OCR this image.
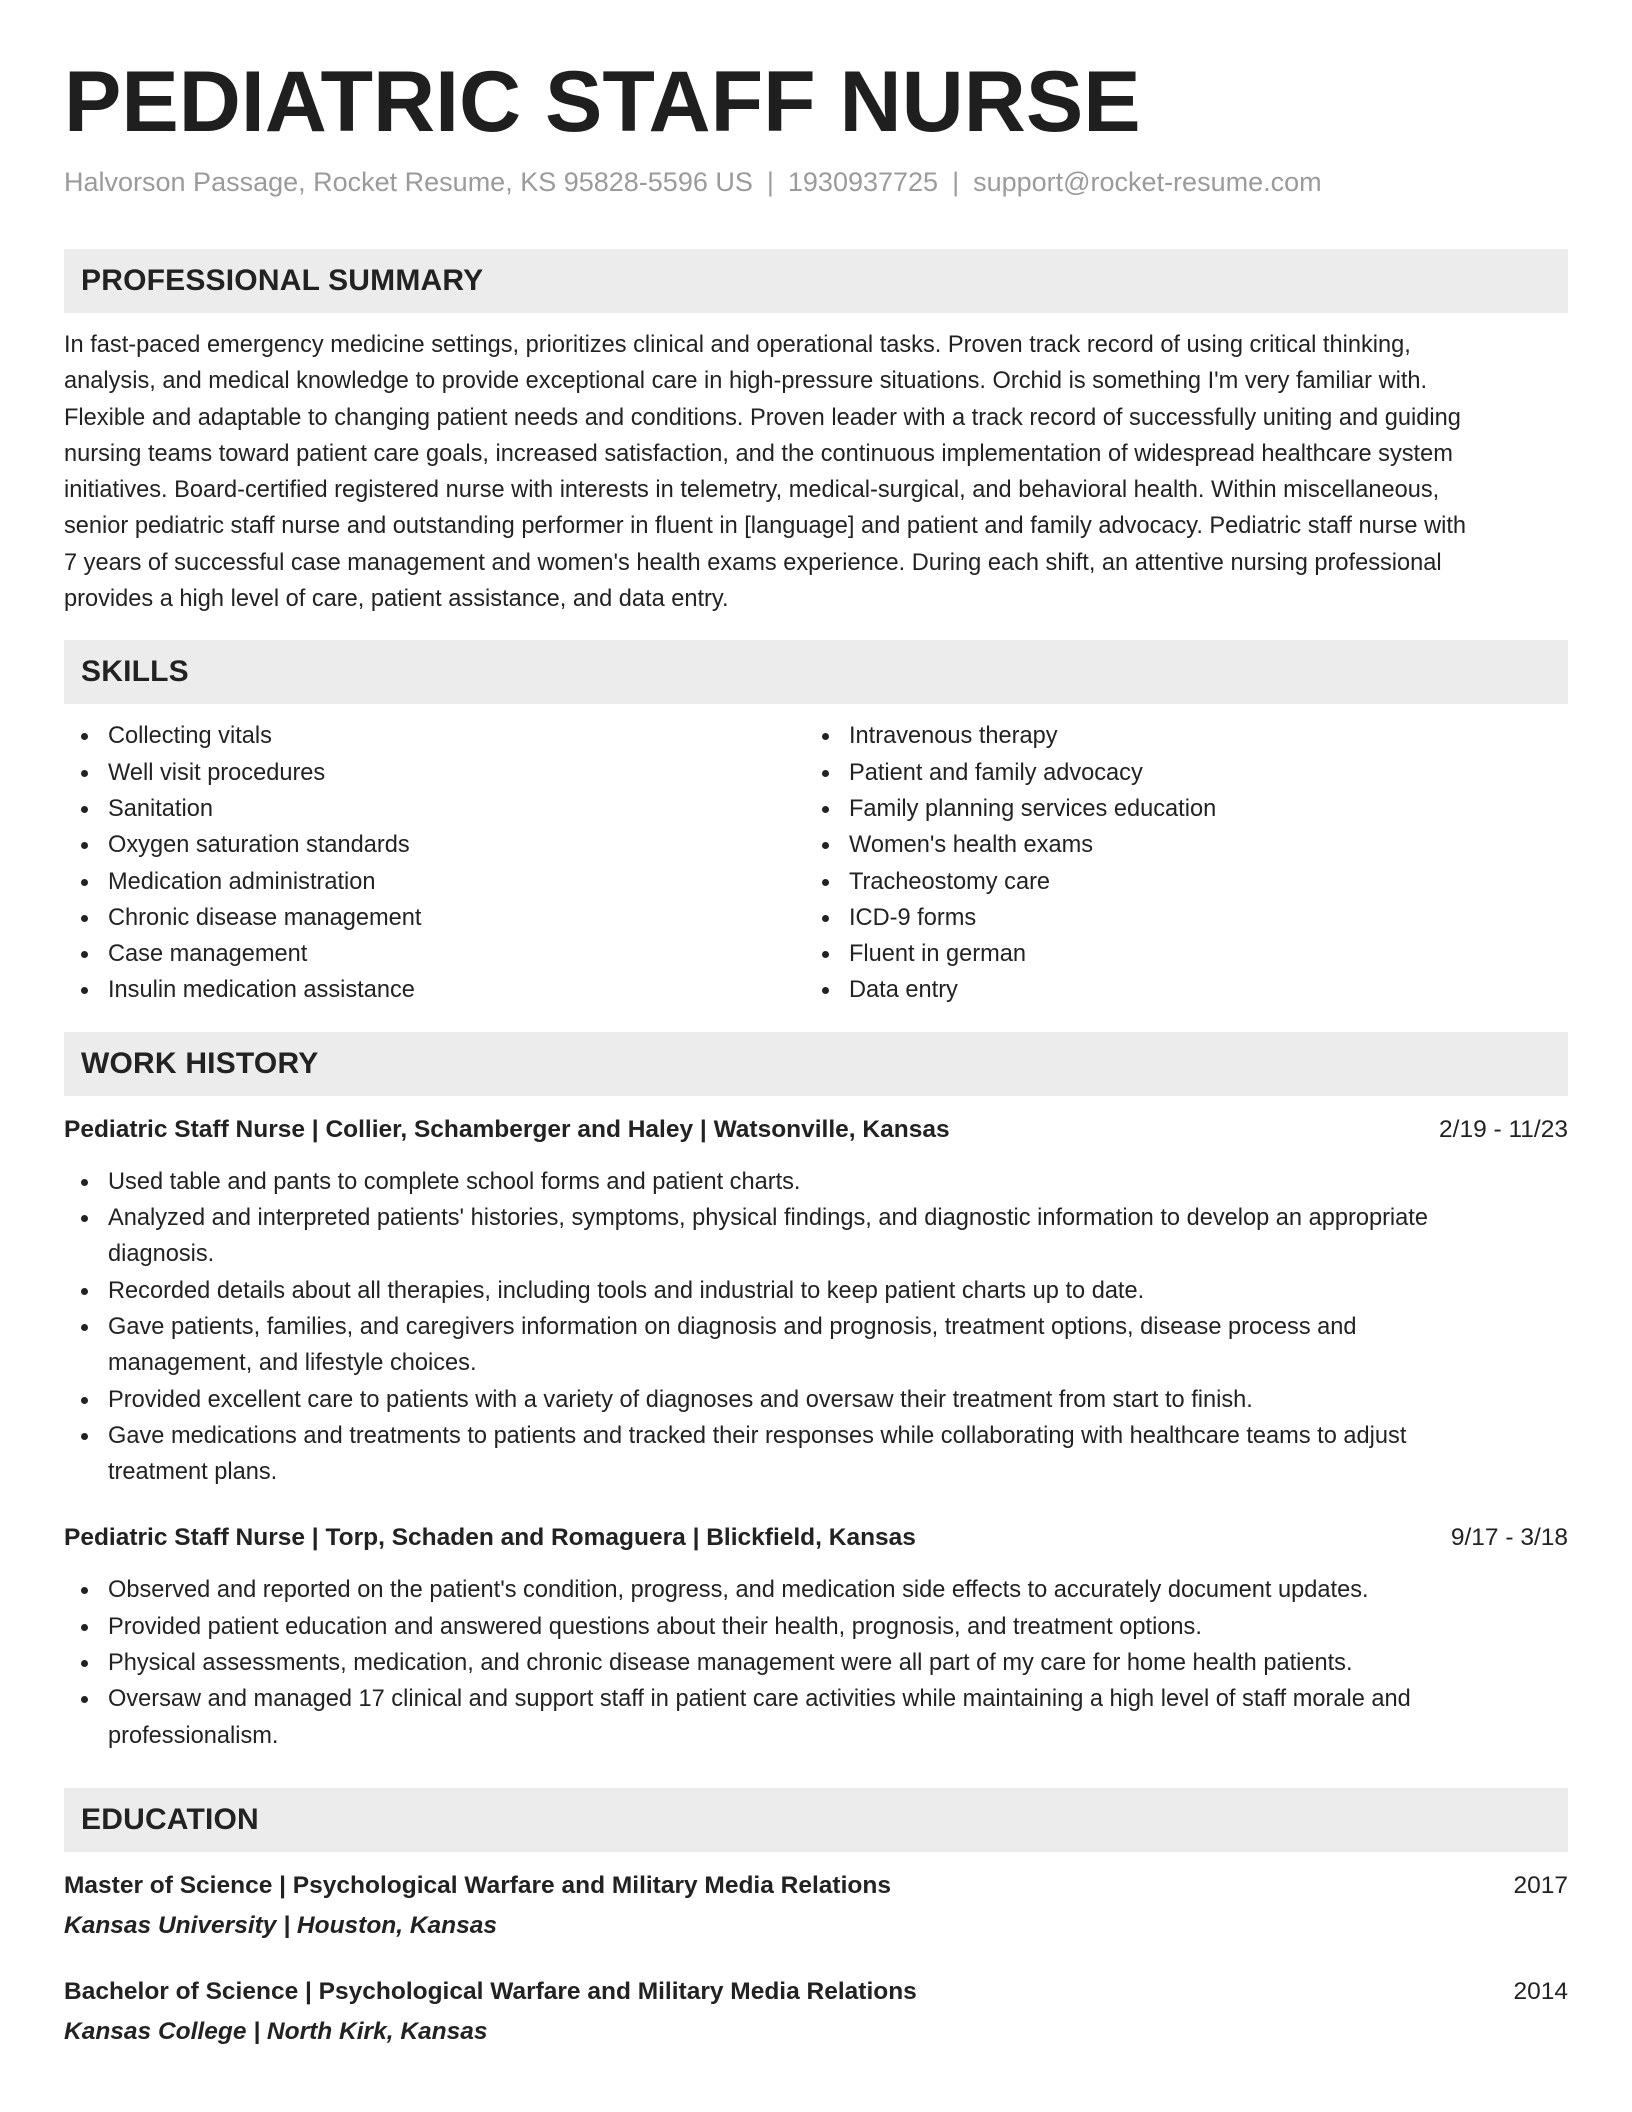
PEDIATRIC STAFF NURSE
Halvorson Passage, Rocket Resume, KS 95828-5596 US | 1930937725 | support@rocket-resume.com
PROFESSIONAL SUMMARY
In fast-paced emergency medicine settings, prioritizes clinical and operational tasks. Proven track record of using critical thinking,
analysis, and medical knowledge to provide exceptional care in high-pressure situations. Orchid is something I'm very familiar with.
Flexible and adaptable to changing patient needs and conditions. Proven leader with a track record of successfully uniting and guiding
nursing teams toward patient care goals, increased satisfaction, and the continuous implementation of widespread healthcare system
initiatives. Board-certified registered nurse with interests in telemetry, medical-surgical, and behavioral health. Within miscellaneous,
senior pediatric staff nurse and outstanding performer in fluent in [language] and patient and family advocacy. Pediatric staff nurse with
7 years of successful case management and women's health exams experience. During each shift, an attentive nursing professional
provides a high level of care, patient assistance, and data entry.
SKILLS
Collecting vitals
Well visit procedures
Sanitation
Oxygen saturation standards
Medication administration
Chronic disease management
Case management
Insulin medication assistance
Intravenous therapy
Patient and family advocacy
Family planning services education
Women's health exams
Tracheostomy care
ICD-9 forms
Fluent in german
Data entry
WORK HISTORY
Pediatric Staff Nurse | Collier, Schamberger and Haley | Watsonville, Kansas	2/19 - 11/23
Used table and pants to complete school forms and patient charts.
Analyzed and interpreted patients' histories, symptoms, physical findings, and diagnostic information to develop an appropriate
diagnosis.
Recorded details about all therapies, including tools and industrial to keep patient charts up to date.
Gave patients, families, and caregivers information on diagnosis and prognosis, treatment options, disease process and
management, and lifestyle choices.
Provided excellent care to patients with a variety of diagnoses and oversaw their treatment from start to finish.
Gave medications and treatments to patients and tracked their responses while collaborating with healthcare teams to adjust
treatment plans.
Pediatric Staff Nurse | Torp, Schaden and Romaguera | Blickfield, Kansas	9/17 - 3/18
Observed and reported on the patient's condition, progress, and medication side effects to accurately document updates.
Provided patient education and answered questions about their health, prognosis, and treatment options.
Physical assessments, medication, and chronic disease management were all part of my care for home health patients.
Oversaw and managed 17 clinical and support staff in patient care activities while maintaining a high level of staff morale and
professionalism.
EDUCATION
Master of Science | Psychological Warfare and Military Media Relations	2017
Kansas University | Houston, Kansas
Bachelor of Science | Psychological Warfare and Military Media Relations	2014
Kansas College | North Kirk, Kansas
